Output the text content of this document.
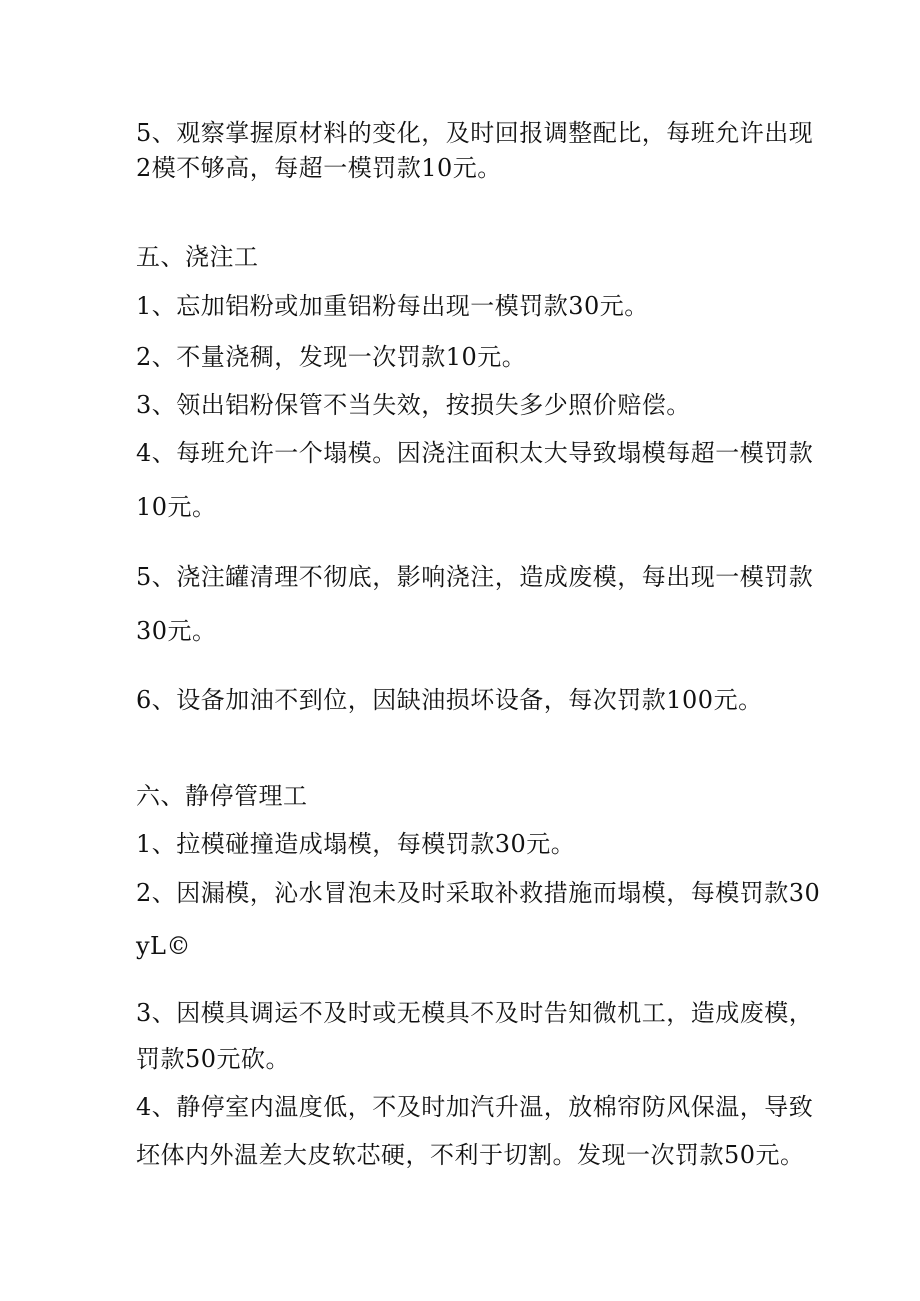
5、观察掌握原材料的变化，及时回报调整配比，每班允许出现
2模不够高，每超一模罚款10元。
五、浇注工
1、忘加铝粉或加重铝粉每出现一模罚款30元。
2、不量浇稠，发现一次罚款10元。
3、领出铝粉保管不当失效，按损失多少照价赔偿。
4、每班允许一个塌模。因浇注面积太大导致塌模每超一模罚款
10元。
5、浇注罐清理不彻底，影响浇注，造成废模，每出现一模罚款
30元。
6、设备加油不到位，因缺油损坏设备，每次罚款100元。
六、静停管理工
1、拉模碰撞造成塌模，每模罚款30元。
2、因漏模，沁水冒泡未及时采取补救措施而塌模，每模罚款30
yL©
3、因模具调运不及时或无模具不及时告知微机工，造成废模，
罚款50元砍。
4、静停室内温度低，不及时加汽升温，放棉帘防风保温，导致
坯体内外温差大皮软芯硬，不利于切割。发现一次罚款50元。
